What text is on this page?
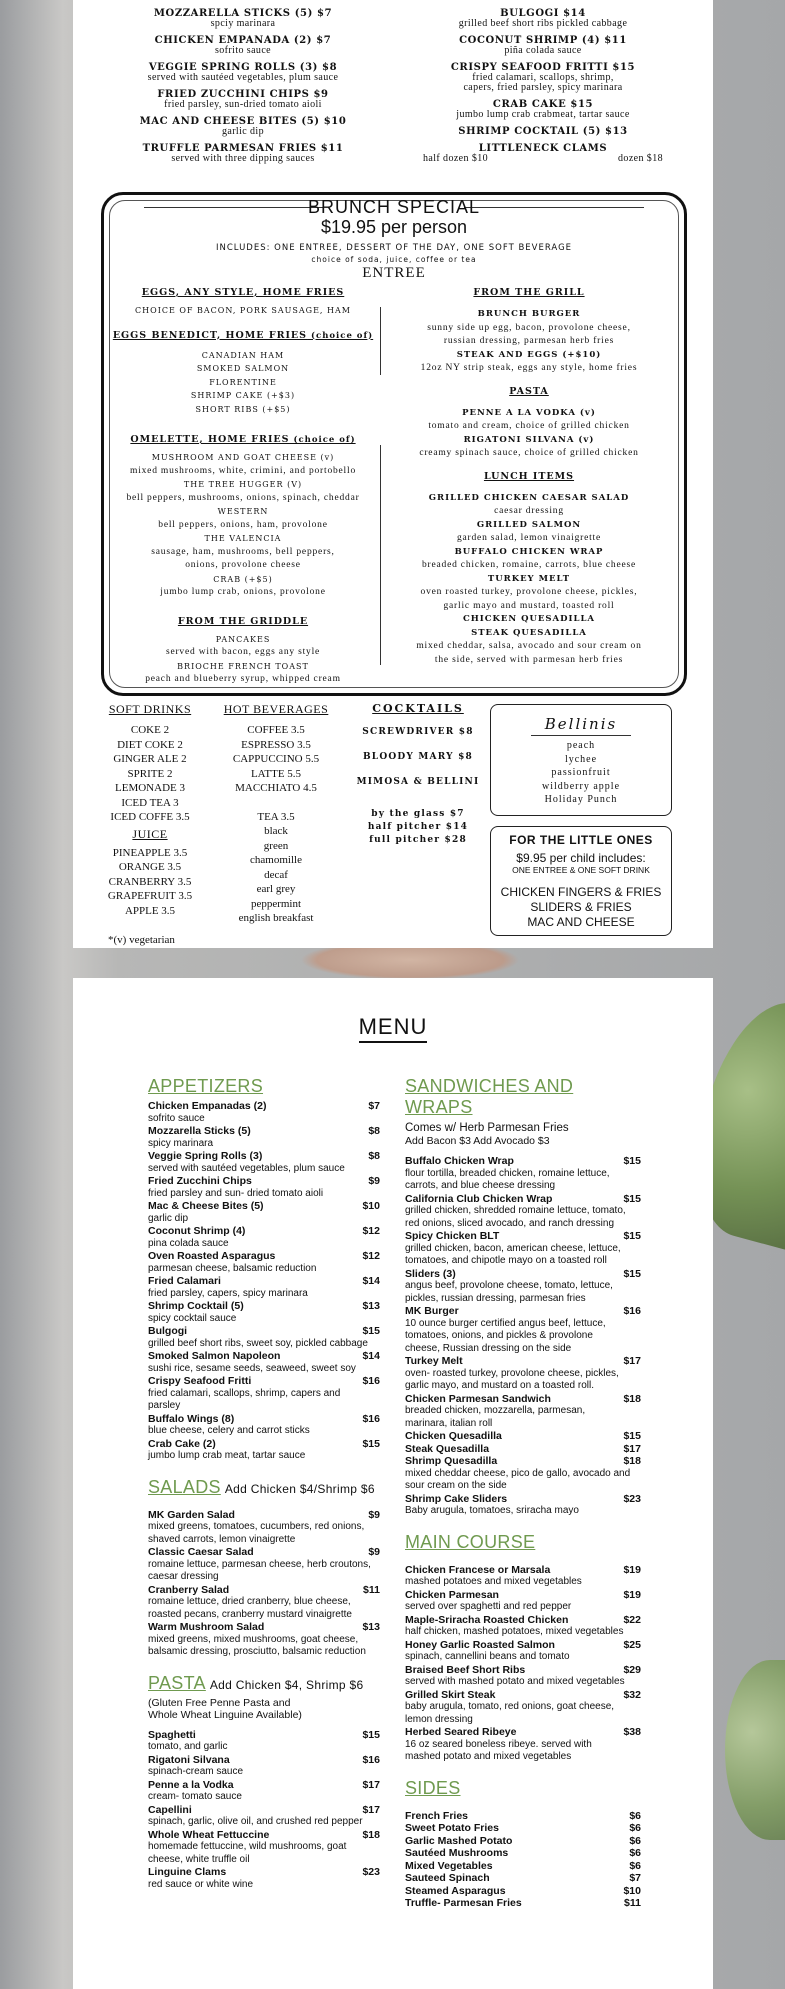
MOZZARELLA STICKS (5) $7
spciy marinara
CHICKEN EMPANADA (2) $7
sofrito sauce
VEGGIE SPRING ROLLS (3) $8
served with sautéed vegetables, plum sauce
FRIED ZUCCHINI CHIPS $9
fried parsley, sun-dried tomato aioli
MAC AND CHEESE BITES (5) $10
garlic dip
TRUFFLE PARMESAN FRIES $11
served with three dipping sauces
BULGOGI $14
grilled beef short ribs pickled cabbage
COCONUT SHRIMP (4) $11
piña colada sauce
CRISPY SEAFOOD FRITTI $15
fried calamari, scallops, shrimp,
capers, fried parsley, spicy marinara
CRAB CAKE $15
jumbo lump crab crabmeat, tartar sauce
SHRIMP COCKTAIL (5) $13
LITTLENECK CLAMS
half dozen $10	dozen $18
BRUNCH SPECIAL
$19.95 per person
INCLUDES: ONE ENTREE, DESSERT OF THE DAY, ONE SOFT BEVERAGE
choice of soda, juice, coffee or tea
ENTREE
EGGS, ANY STYLE, HOME FRIES
CHOICE OF BACON, PORK SAUSAGE, HAM
EGGS BENEDICT, HOME FRIES (choice of)
CANADIAN HAM
SMOKED SALMON
FLORENTINE
SHRIMP CAKE (+$3)
SHORT RIBS (+$5)
OMELETTE, HOME FRIES (choice of)
MUSHROOM AND GOAT CHEESE (v)
mixed mushrooms, white, crimini, and portobello
THE TREE HUGGER (V)
bell peppers, mushrooms, onions, spinach, cheddar
WESTERN
bell peppers, onions, ham, provolone
THE VALENCIA
sausage, ham, mushrooms, bell peppers,
onions, provolone cheese
CRAB (+$5)
jumbo lump crab, onions, provolone
FROM THE GRIDDLE
PANCAKES
served with bacon, eggs any style
BRIOCHE FRENCH TOAST
peach and blueberry syrup, whipped cream
FROM THE GRILL
BRUNCH BURGER
sunny side up egg, bacon, provolone cheese,
russian dressing, parmesan herb fries
STEAK AND EGGS (+$10)
12oz NY strip steak, eggs any style, home fries
PASTA
PENNE A LA VODKA (v)
tomato and cream, choice of grilled chicken
RIGATONI SILVANA (v)
creamy spinach sauce, choice of grilled chicken
LUNCH ITEMS
GRILLED CHICKEN CAESAR SALAD
caesar dressing
GRILLED SALMON
garden salad, lemon vinaigrette
BUFFALO CHICKEN WRAP
breaded chicken, romaine, carrots, blue cheese
TURKEY MELT
oven roasted turkey, provolone cheese, pickles,
garlic mayo and mustard, toasted roll
CHICKEN QUESADILLA
STEAK QUESADILLA
mixed cheddar, salsa, avocado and sour cream on
the side, served with parmesan herb fries
SOFT DRINKS
COKE 2
DIET COKE 2
GINGER ALE 2
SPRITE 2
LEMONADE 3
ICED TEA 3
ICED COFFE 3.5
JUICE
PINEAPPLE 3.5
ORANGE 3.5
CRANBERRY 3.5
GRAPEFRUIT 3.5
APPLE 3.5
HOT BEVERAGES
COFFEE 3.5
ESPRESSO 3.5
CAPPUCCINO 5.5
LATTE 5.5
MACCHIATO 4.5
TEA 3.5
black
green
chamomille
decaf
earl grey
peppermint
english breakfast
COCKTAILS
SCREWDRIVER $8
BLOODY MARY $8
MIMOSA & BELLINI
by the glass $7
half pitcher $14
full pitcher $28
Bellinis
peach
lychee
passionfruit
wildberry apple
Holiday Punch
FOR THE LITTLE ONES
$9.95 per child includes:
ONE ENTREE & ONE SOFT DRINK
CHICKEN FINGERS & FRIES
SLIDERS & FRIES
MAC AND CHEESE
*(v) vegetarian
MENU
APPETIZERS
Chicken Empanadas (2)	$7
sofrito sauce
Mozzarella Sticks (5)	$8
spicy marinara
Veggie Spring Rolls (3)	$8
served with sautéed vegetables, plum sauce
Fried Zucchini Chips	$9
fried parsley and sun- dried tomato aioli
Mac & Cheese Bites (5)	$10
garlic dip
Coconut Shrimp (4)	$12
pina colada sauce
Oven Roasted Asparagus	$12
parmesan cheese, balsamic reduction
Fried Calamari	$14
fried parsley, capers, spicy marinara
Shrimp Cocktail (5)	$13
spicy cocktail sauce
Bulgogi	$15
grilled beef short ribs, sweet soy, pickled cabbage
Smoked Salmon Napoleon	$14
sushi rice, sesame seeds, seaweed, sweet soy
Crispy Seafood Fritti	$16
fried calamari, scallops, shrimp, capers and
parsley
Buffalo Wings (8)	$16
blue cheese, celery and carrot sticks
Crab Cake (2)	$15
jumbo lump crab meat, tartar sauce
SALADS Add Chicken $4/Shrimp $6
MK Garden Salad	$9
mixed greens, tomatoes, cucumbers, red onions,
shaved carrots, lemon vinaigrette
Classic Caesar Salad	$9
romaine lettuce, parmesan cheese, herb croutons,
caesar dressing
Cranberry Salad	$11
romaine lettuce, dried cranberry, blue cheese,
roasted pecans, cranberry mustard vinaigrette
Warm Mushroom Salad	$13
mixed greens, mixed mushrooms, goat cheese,
balsamic dressing, prosciutto, balsamic reduction
PASTA Add Chicken $4, Shrimp $6
(Gluten Free Penne Pasta and
Whole Wheat Linguine Available)
Spaghetti	$15
tomato, and garlic
Rigatoni Silvana	$16
spinach-cream sauce
Penne a la Vodka	$17
cream- tomato sauce
Capellini	$17
spinach, garlic, olive oil, and crushed red pepper
Whole Wheat Fettuccine	$18
homemade fettuccine, wild mushrooms, goat
cheese, white truffle oil
Linguine Clams	$23
red sauce or white wine
SANDWICHES AND WRAPS
Comes w/ Herb Parmesan Fries
Add Bacon $3 Add Avocado $3
Buffalo Chicken Wrap	$15
flour tortilla, breaded chicken, romaine lettuce,
carrots, and blue cheese dressing
California Club Chicken Wrap	$15
grilled chicken, shredded romaine lettuce, tomato,
red onions, sliced avocado, and ranch dressing
Spicy Chicken BLT	$15
grilled chicken, bacon, american cheese, lettuce,
tomatoes, and chipotle mayo on a toasted roll
Sliders (3)	$15
angus beef, provolone cheese, tomato, lettuce,
pickles, russian dressing, parmesan fries
MK Burger	$16
10 ounce burger certified angus beef, lettuce,
tomatoes, onions, and pickles & provolone
cheese, Russian dressing on the side
Turkey Melt	$17
oven- roasted turkey, provolone cheese, pickles,
garlic mayo, and mustard on a toasted roll.
Chicken Parmesan Sandwich	$18
breaded chicken, mozzarella, parmesan,
marinara, italian roll
Chicken Quesadilla	$15
Steak Quesadilla	$17
Shrimp Quesadilla	$18
mixed cheddar cheese, pico de gallo, avocado and
sour cream on the side
Shrimp Cake Sliders	$23
Baby arugula, tomatoes, sriracha mayo
MAIN COURSE
Chicken Francese or Marsala	$19
mashed potatoes and mixed vegetables
Chicken Parmesan	$19
served over spaghetti and red pepper
Maple-Sriracha Roasted Chicken	$22
half chicken, mashed potatoes, mixed vegetables
Honey Garlic Roasted Salmon	$25
spinach, cannellini beans and tomato
Braised Beef Short Ribs	$29
served with mashed potato and mixed vegetables
Grilled Skirt Steak	$32
baby arugula, tomato, red onions, goat cheese,
lemon dressing
Herbed Seared Ribeye	$38
16 oz seared boneless ribeye. served with
mashed potato and mixed vegetables
SIDES
French Fries	$6
Sweet Potato Fries	$6
Garlic Mashed Potato	$6
Sautéed Mushrooms	$6
Mixed Vegetables	$6
Sauteed Spinach	$7
Steamed Asparagus	$10
Truffle- Parmesan Fries	$11
